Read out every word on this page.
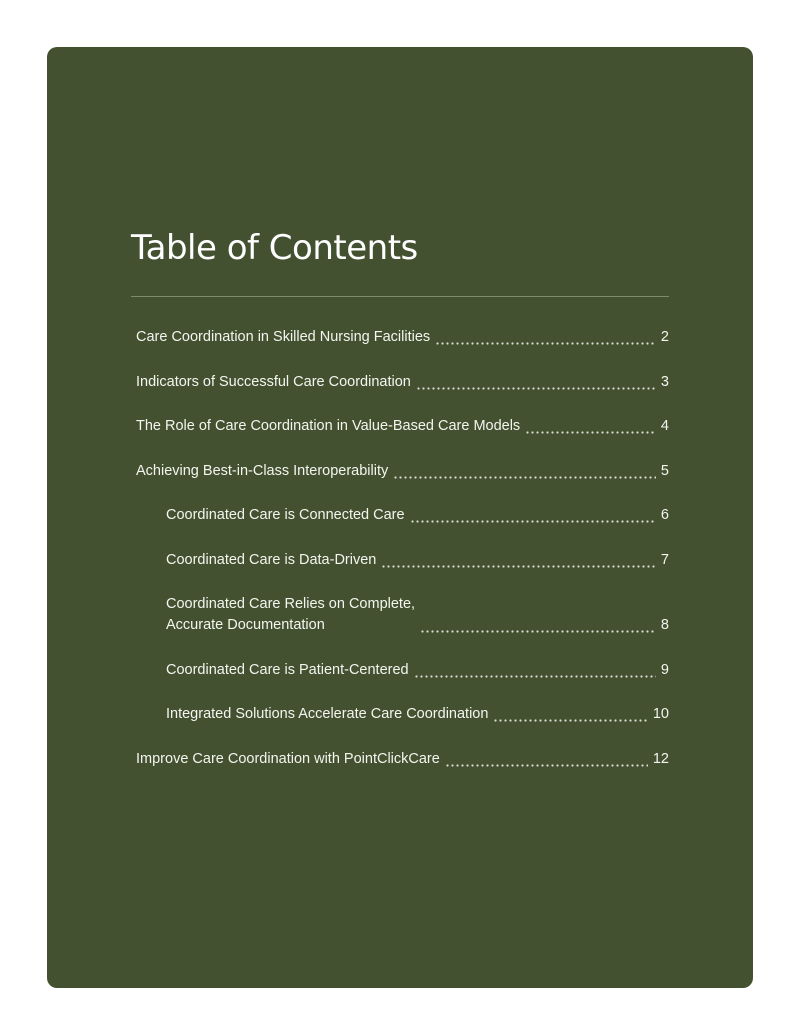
Table of Contents
Care Coordination in Skilled Nursing Facilities	2
Indicators of Successful Care Coordination	3
The Role of Care Coordination in Value-Based Care Models	4
Achieving Best-in-Class Interoperability	5
Coordinated Care is Connected Care	6
Coordinated Care is Data-Driven	7
Coordinated Care Relies on Complete,
Accurate Documentation	8
Coordinated Care is Patient-Centered	9
Integrated Solutions Accelerate Care Coordination	10
Improve Care Coordination with PointClickCare	12
